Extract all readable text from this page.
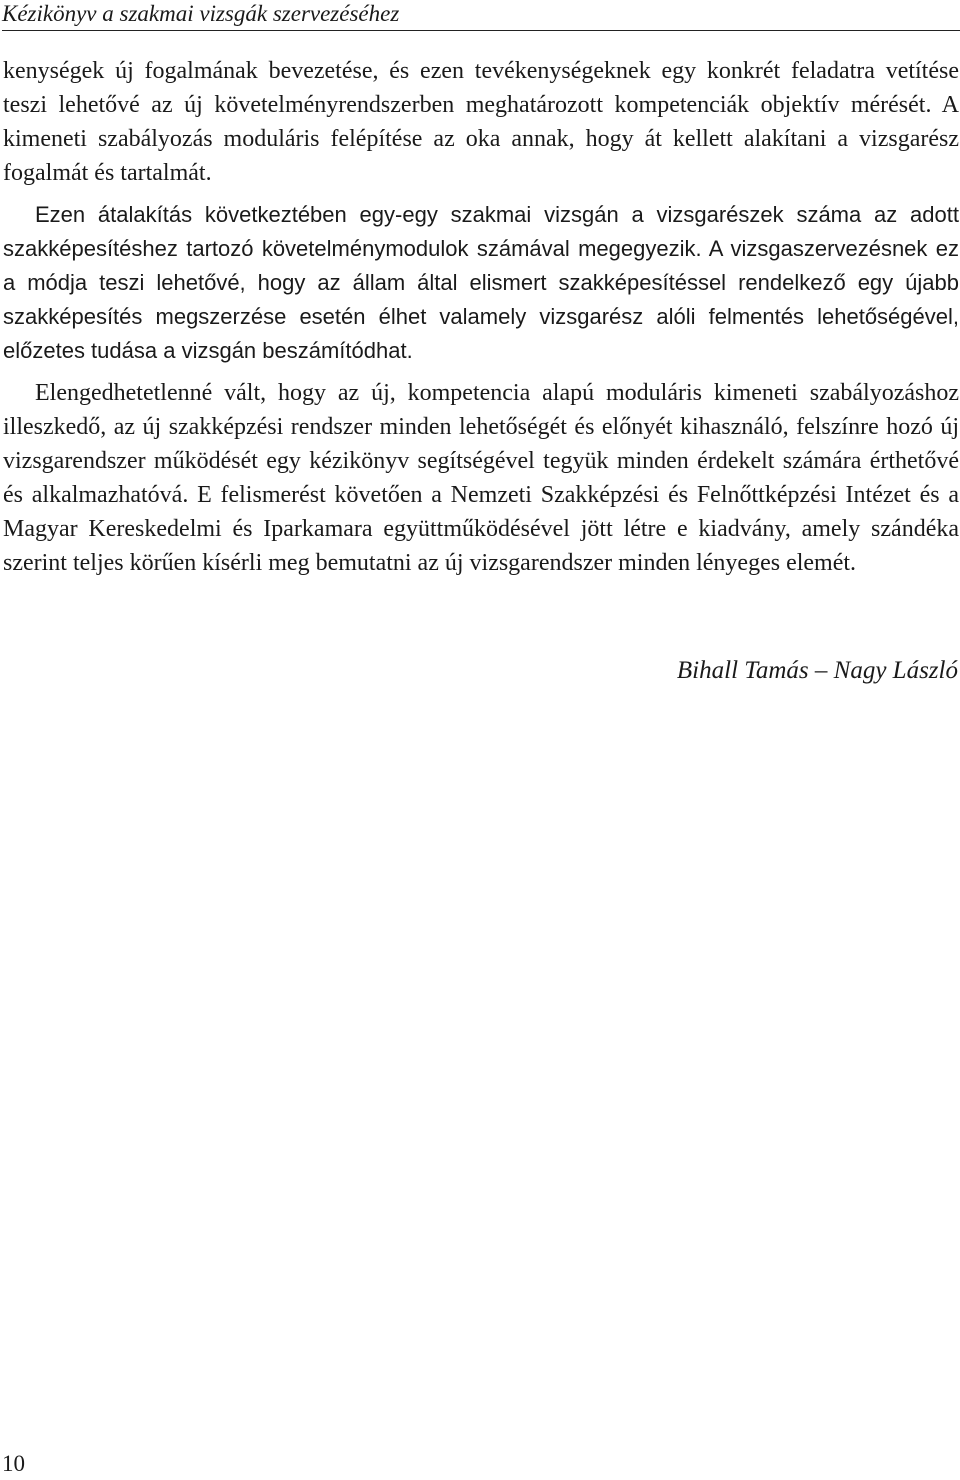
Kézikönyv a szakmai vizsgák szervezéséhez

kenységek új fogalmának bevezetése, és ezen tevékenységeknek egy konkrét feladatra vetítése teszi lehetővé az új követelményrendszerben meghatározott kompetenciák objektív mérését. A kimeneti szabályozás moduláris felépítése az oka annak, hogy át kellett alakítani a vizsgarész fogalmát és tartalmát.

Ezen átalakítás következtében egy-egy szakmai vizsgán a vizsgarészek száma az adott szakképesítéshez tartozó követelménymodulok számával megegyezik. A vizsgaszervezésnek ez a módja teszi lehetővé, hogy az állam által elismert szakképesítéssel rendelkező egy újabb szakképesítés megszerzése esetén élhet valamely vizsgarész alóli felmentés lehetőségével, előzetes tudása a vizsgán beszámítódhat.

Elengedhetetlenné vált, hogy az új, kompetencia alapú moduláris kimeneti szabályozáshoz illeszkedő, az új szakképzési rendszer minden lehetőségét és előnyét kihasználó, felszínre hozó új vizsgarendszer működését egy kézikönyv segítségével tegyük minden érdekelt számára érthetővé és alkalmazhatóvá. E felismerést követően a Nemzeti Szakképzési és Felnőttképzési Intézet és a Magyar Kereskedelmi és Iparkamara együttműködésével jött létre e kiadvány, amely szándéka szerint teljes körűen kísérli meg bemutatni az új vizsgarendszer minden lényeges elemét.

Bihall Tamás – Nagy László
10
